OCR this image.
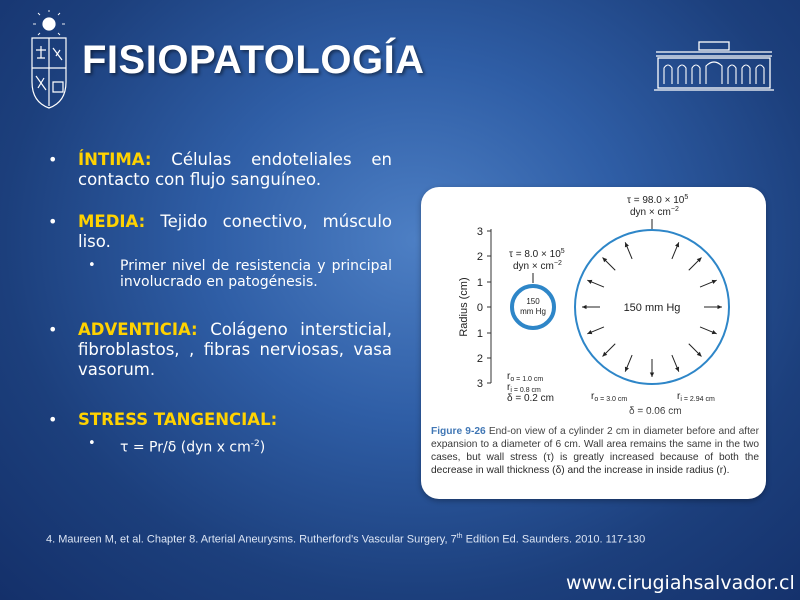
FISIOPATOLOGÍA
• ÍNTIMA: Células endoteliales en contacto con flujo sanguíneo.
• MEDIA: Tejido conectivo, músculo liso.
• Primer nivel de resistencia y principal involucrado en patogénesis.
• ADVENTICIA: Colágeno intersticial, fibroblastos, , fibras nerviosas, vasa vasorum.
• STRESS TANGENCIAL:
• τ = Pr/δ (dyn x $cm^{-2}$)
3
2
1
0
1
2
3
Radius (cm)	150
mm Hg
$\tau = 8.0 \times 10^5$
dyn × $cm^{-2}$
150 mm Hg
$\tau = 98.0 \times 10^5$
dyn × $cm^{-2}$
$r_{o = 1.0 cm}$
$r_{i = 0.8 cm}$
δ = 0.2 cm	$r_{o = 3.0 cm}$	$r_{i = 2.94 cm}$
δ = 0.06 cm
Figure 9-26 End-on view of a cylinder 2 cm in diameter before and after expansion to a diameter of 6 cm. Wall area remains the same in the two cases, but wall stress (τ) is greatly increased because of both the decrease in wall thickness (δ) and the increase in inside radius (r).

4. Maureen M, et al. Chapter 8. Arterial Aneurysms. Rutherford's Vascular Surgery, 7th Edition Ed. Saunders. 2010. 117-130

www.cirugiahsalvador.cl
